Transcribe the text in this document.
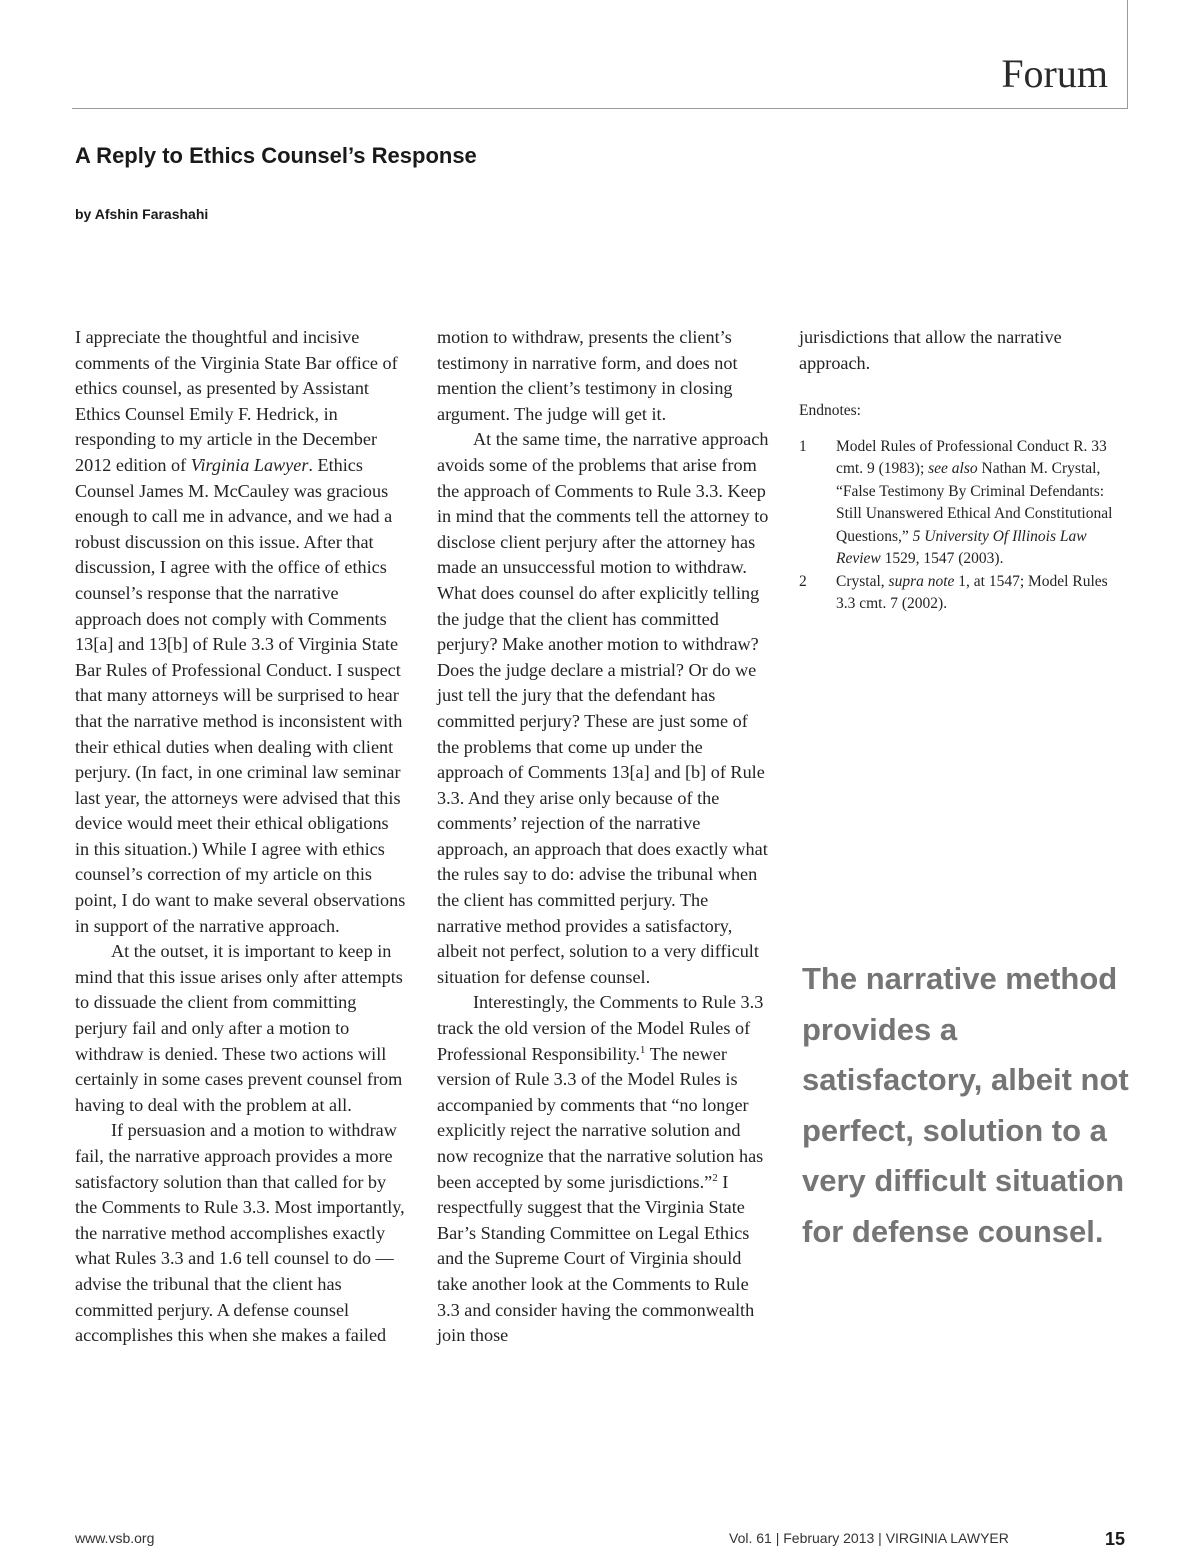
Forum
A Reply to Ethics Counsel’s Response
by Afshin Farashahi

I appreciate the thoughtful and incisive comments of the Virginia State Bar office of ethics counsel, as presented by Assistant Ethics Counsel Emily F. Hedrick, in responding to my article in the December 2012 edition of Virginia Lawyer. Ethics Counsel James M. McCauley was gracious enough to call me in advance, and we had a robust discussion on this issue. After that discussion, I agree with the office of ethics counsel’s response that the narrative approach does not comply with Comments 13[a] and 13[b] of Rule 3.3 of Virginia State Bar Rules of Professional Conduct. I suspect that many attorneys will be surprised to hear that the narrative method is inconsistent with their ethical duties when dealing with client perjury. (In fact, in one criminal law seminar last year, the attorneys were advised that this device would meet their ethical obligations in this situation.) While I agree with ethics counsel’s correction of my article on this point, I do want to make several observations in support of the narrative approach.

At the outset, it is important to keep in mind that this issue arises only after attempts to dissuade the client from committing perjury fail and only after a motion to withdraw is denied. These two actions will certainly in some cases prevent counsel from having to deal with the problem at all.

If persuasion and a motion to withdraw fail, the narrative approach provides a more satisfactory solution than that called for by the Comments to Rule 3.3. Most importantly, the narrative method accomplishes exactly what Rules 3.3 and 1.6 tell counsel to do — advise the tribunal that the client has committed perjury. A defense counsel accomplishes this when she makes a failed

motion to withdraw, presents the client’s testimony in narrative form, and does not mention the client’s testimony in closing argument. The judge will get it.

At the same time, the narrative approach avoids some of the problems that arise from the approach of Comments to Rule 3.3. Keep in mind that the comments tell the attorney to disclose client perjury after the attorney has made an unsuccessful motion to withdraw. What does counsel do after explicitly telling the judge that the client has committed perjury? Make another motion to withdraw? Does the judge declare a mistrial? Or do we just tell the jury that the defendant has committed perjury? These are just some of the problems that come up under the approach of Comments 13[a] and [b] of Rule 3.3. And they arise only because of the comments’ rejection of the narrative approach, an approach that does exactly what the rules say to do: advise the tribunal when the client has committed perjury. The narrative method provides a satisfactory, albeit not perfect, solution to a very difficult situation for defense counsel.

Interestingly, the Comments to Rule 3.3 track the old version of the Model Rules of Professional Responsibility.$^1$ The newer version of Rule 3.3 of the Model Rules is accompanied by comments that “no longer explicitly reject the narrative solution and now recognize that the narrative solution has been accepted by some jurisdictions.”$^2$ I respectfully suggest that the Virginia State Bar’s Standing Committee on Legal Ethics and the Supreme Court of Virginia should take another look at the Comments to Rule 3.3 and consider having the commonwealth join those

jurisdictions that allow the narrative approach.

Endnotes:
1	Model Rules of Professional Conduct R. 33 cmt. 9 (1983); see also Nathan M. Crystal, “False Testimony By Criminal Defendants: Still Unanswered Ethical And Constitutional Questions,” 5 University Of Illinois Law Review 1529, 1547 (2003).
2	Crystal, supra note 1, at 1547; Model Rules 3.3 cmt. 7 (2002).
The narrative method provides a satisfactory, albeit not perfect, solution to a very difficult situation for defense counsel.
www.vsb.org	Vol. 61 | February 2013 | VIRGINIA LAWYER	15
